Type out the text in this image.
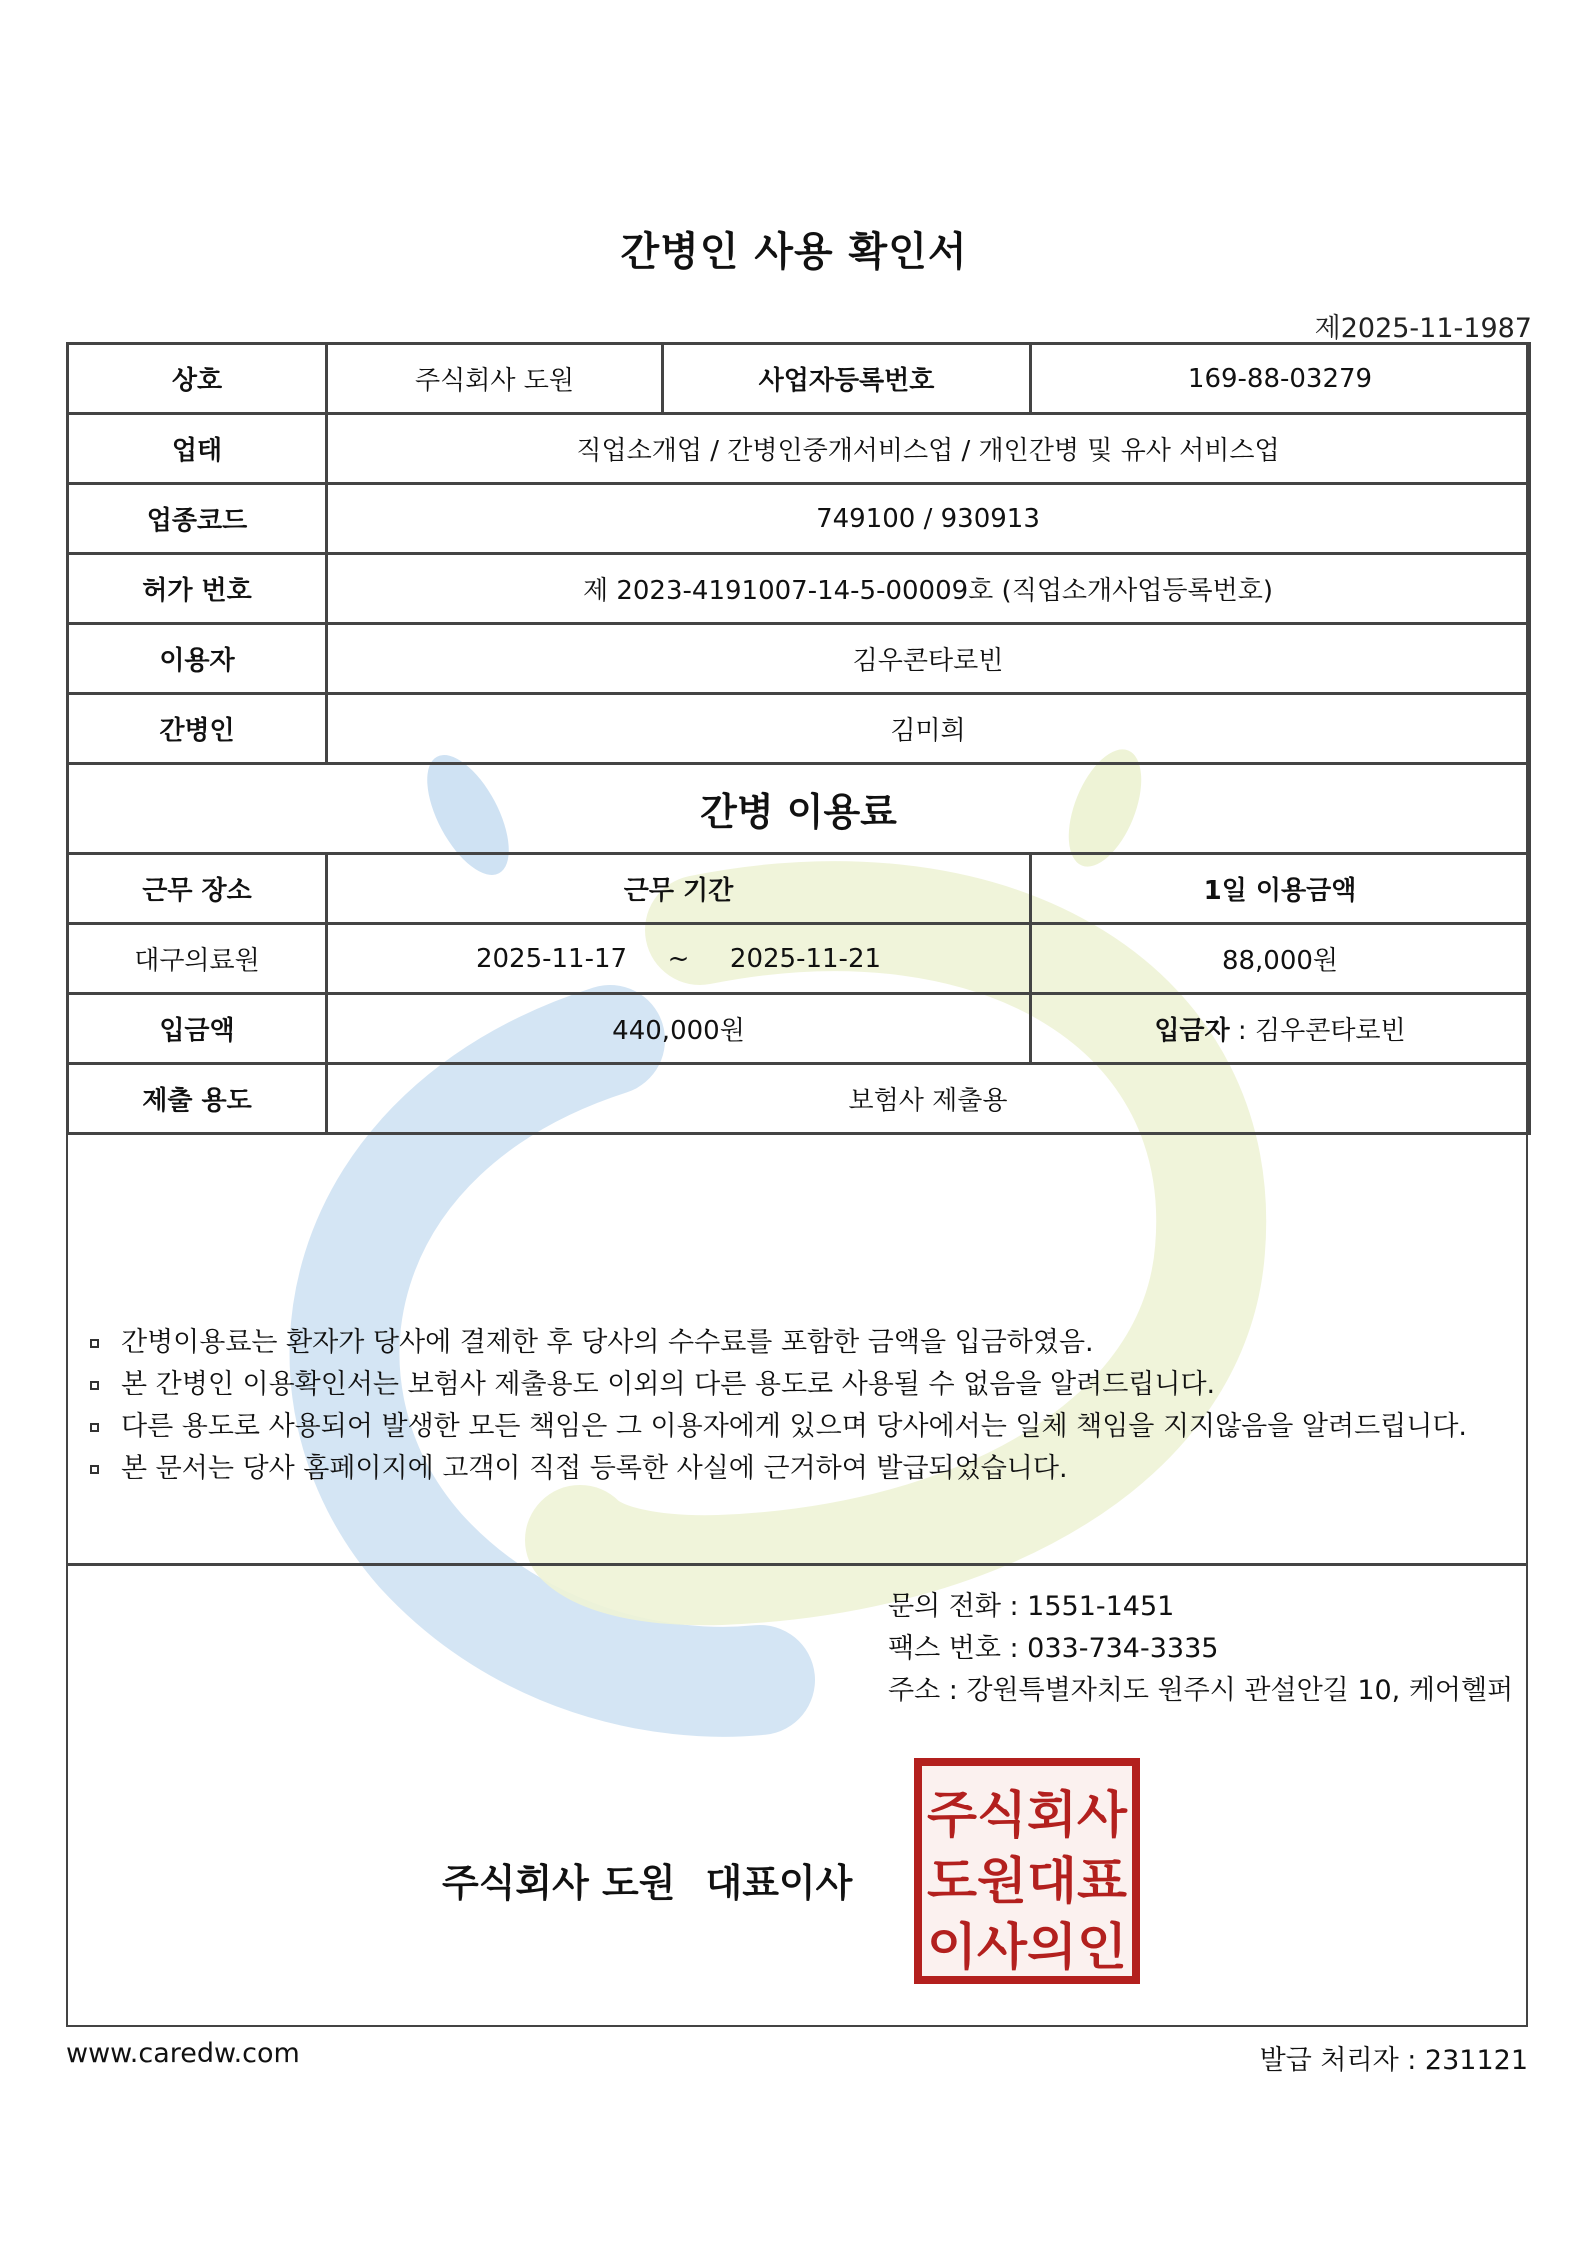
간병인 사용 확인서
제2025-11-1987
상호	주식회사 도원	사업자등록번호	169-88-03279
업태	직업소개업 / 간병인중개서비스업 / 개인간병 및 유사 서비스업		
업종코드	749100 / 930913		
허가 번호	제 2023-4191007-14-5-00009호 (직업소개사업등록번호)		
이용자	김우콘타로빈		
간병인	김미희		
간병 이용료			
근무 장소	근무 기간		1일 이용금액
대구의료원	2025-11-17 ~ 2025-11-21		88,000원
입금액	440,000원		입금자 : 김우콘타로빈
제출 용도	보험사 제출용		
간병이용료는 환자가 당사에 결제한 후 당사의 수수료를 포함한 금액을 입금하였음.
본 간병인 이용확인서는 보험사 제출용도 이외의 다른 용도로 사용될 수 없음을 알려드립니다.
다른 용도로 사용되어 발생한 모든 책임은 그 이용자에게 있으며 당사에서는 일체 책임을 지지않음을 알려드립니다.
본 문서는 당사 홈페이지에 고객이 직접 등록한 사실에 근거하여 발급되었습니다.
문의 전화 : 1551-1451
팩스 번호 : 033-734-3335
주소 : 강원특별자치도 원주시 관설안길 10, 케어헬퍼
주식회사 도원 대표이사
주식회사
도원대표
이사의인
www.caredw.com	발급 처리자 : 231121
